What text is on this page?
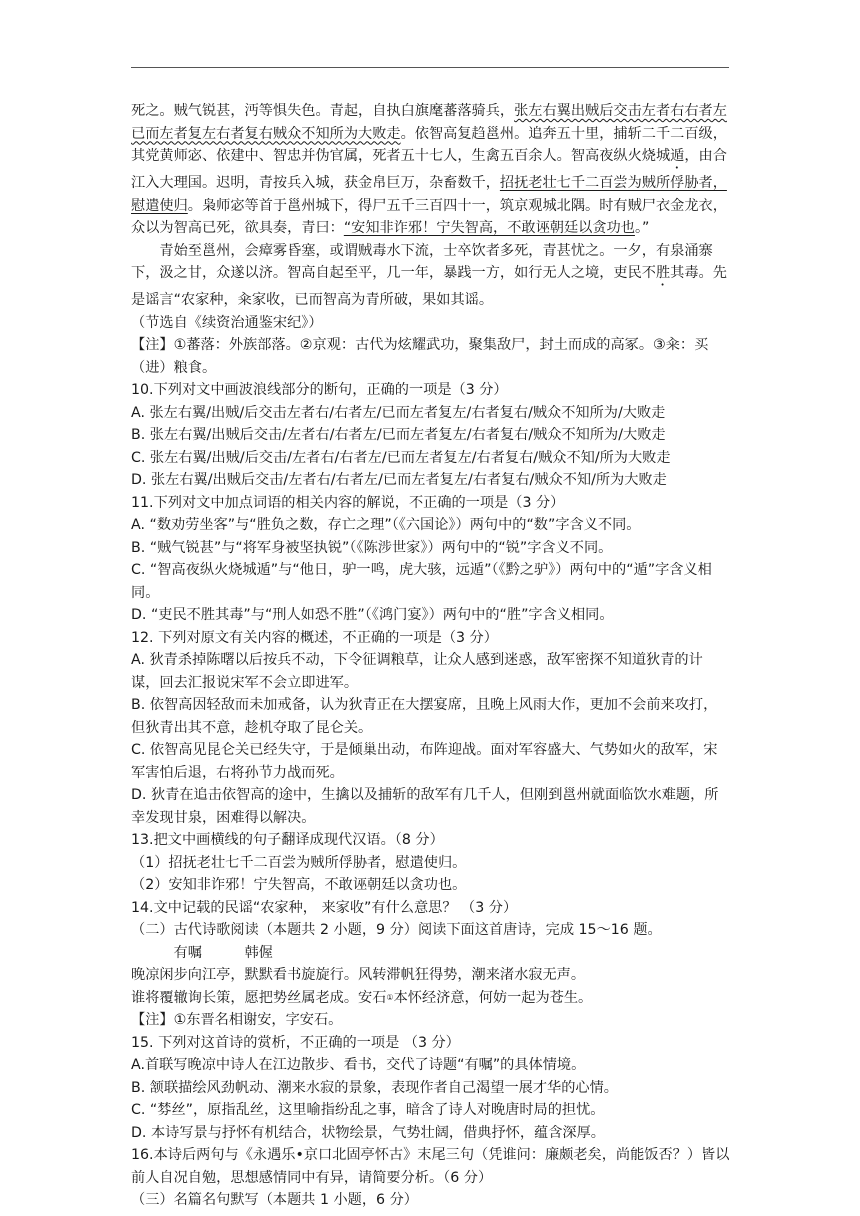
死之。贼气锐甚，沔等惧失色。青起，自执白旗麾蕃落骑兵，张左右翼出贼后交击左者右右者左已而左者复左右者复右贼众不知所为大败走。依智高复趋邕州。追奔五十里，捕斩二千二百级，其党黄师宓、依建中、智忠并伪官属，死者五十七人，生禽五百余人。智高夜纵火烧城遁，由合江入大理国。迟明，青按兵入城，获金帛巨万，杂畜数千，招抚老壮七千二百尝为贼所俘胁者，慰遣使归。枭师宓等首于邕州城下，得尸五千三百四十一，筑京观城北隅。时有贼尸衣金龙衣，众以为智高已死，欲具奏，青曰：“安知非诈邪！宁失智高，不敢诬朝廷以贪功也。”

青始至邕州，会瘴雾昏塞，或谓贼毒水下流，士卒饮者多死，青甚忧之。一夕，有泉涌寨下，汲之甘，众遂以济。智高自起至平，几一年，暴践一方，如行无人之境，吏民不胜其毒。先是谣言“农家种，籴家收，已而智高为青所破，果如其谣。

（节选自《续资治通鉴宋纪》）

【注】①蕃落：外族部落。②京观：古代为炫耀武功，聚集敌尸，封土而成的高冢。③籴：买（进）粮食。

10.下列对文中画波浪线部分的断句，正确的一项是（3 分）

A. 张左右翼/出贼/后交击左者右/右者左/已而左者复左/右者复右/贼众不知所为/大败走

B. 张左右翼/出贼后交击/左者右/右者左/已而左者复左/右者复右/贼众不知所为/大败走

C. 张左右翼/出贼/后交击/左者右/右者左/已而左者复左/右者复右/贼众不知/所为大败走

D. 张左右翼/出贼后交击/左者右/右者左/已而左者复左/右者复右/贼众不知/所为大败走

11.下列对文中加点词语的相关内容的解说，不正确的一项是（3 分）

A. “数劝劳坐客”与“胜负之数，存亡之理”（《六国论》）两句中的“数”字含义不同。

B. “贼气锐甚”与“将军身被坚执锐”（《陈涉世家》）两句中的“锐”字含义不同。

C. “智高夜纵火烧城遁”与“他日，驴一鸣，虎大骇，远遁”（《黔之驴》）两句中的“遁”字含义相同。

D. “吏民不胜其毒”与“刑人如恐不胜”（《鸿门宴》）两句中的“胜”字含义相同。

12. 下列对原文有关内容的概述，不正确的一项是（3 分）

A. 狄青杀掉陈曙以后按兵不动，下令征调粮草，让众人感到迷惑，敌军密探不知道狄青的计谋，回去汇报说宋军不会立即进军。

B. 依智高因轻敌而未加戒备，认为狄青正在大摆宴席，且晚上风雨大作，更加不会前来攻打，但狄青出其不意，趁机夺取了昆仑关。

C. 依智高见昆仑关已经失守，于是倾巢出动，布阵迎战。面对军容盛大、气势如火的敌军，宋军害怕后退，右将孙节力战而死。

D. 狄青在追击依智高的途中，生擒以及捕斩的敌军有几千人，但刚到邕州就面临饮水难题，所幸发现甘泉，困难得以解决。

13.把文中画横线的句子翻译成现代汉语。（8 分）

（1）招抚老壮七千二百尝为贼所俘胁者，慰遣使归。

（2）安知非诈邪！宁失智高，不敢诬朝廷以贪功也。

14.文中记载的民谣“农家种， 来家收”有什么意思？ （3 分）

（二）古代诗歌阅读（本题共 2 小题，9 分）阅读下面这首唐诗，完成 15～16 题。

有嘱	韩偓

晚凉闲步向江亭，默默看书旋旋行。风转滞帆狂得势，潮来渚水寂无声。

谁将覆辙询长策，愿把势丝属老成。安石①本怀经济意，何妨一起为苍生。

【注】①东晋名相谢安，字安石。

15. 下列对这首诗的赏析，不正确的一项是 （3 分）

A.首联写晚凉中诗人在江边散步、看书，交代了诗题“有嘱”的具体情境。

B. 颔联描绘风劲帆动、潮来水寂的景象，表现作者自己渴望一展才华的心情。

C. “棼丝”，原指乱丝，这里喻指纷乱之事，暗含了诗人对晚唐时局的担忧。

D. 本诗写景与抒怀有机结合，状物绘景，气势壮阔，借典抒怀，蕴含深厚。

16.本诗后两句与《永遇乐•京口北固亭怀古》末尾三句（凭谁问：廉颇老矣，尚能饭否？）皆以前人自况自勉，思想感情同中有异，请简要分析。（6 分）

（三）名篇名句默写（本题共 1 小题，6 分）
